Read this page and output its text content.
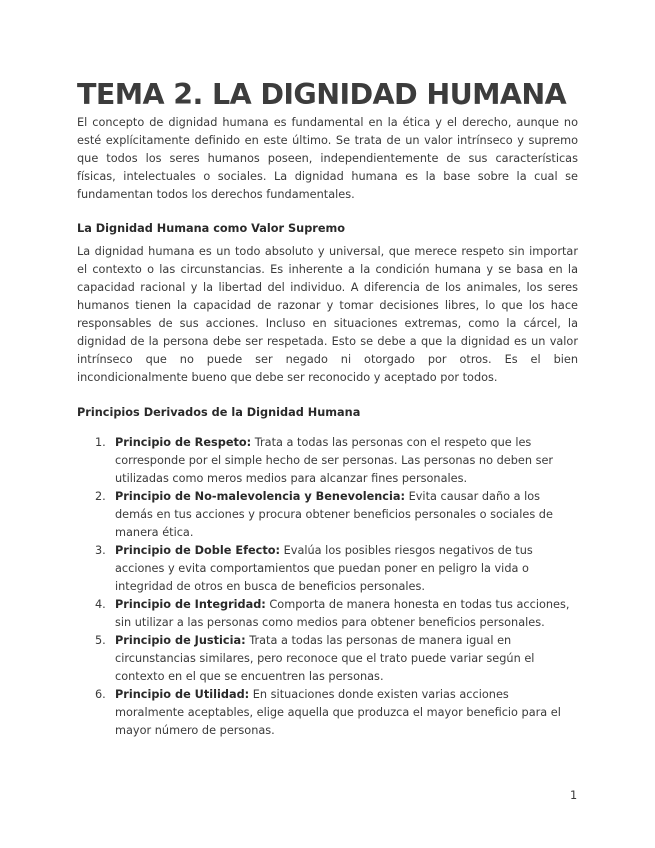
TEMA 2. LA DIGNIDAD HUMANA

El concepto de dignidad humana es fundamental en la ética y el derecho, aunque no esté explícitamente definido en este último. Se trata de un valor intrínseco y supremo que todos los seres humanos poseen, independientemente de sus características físicas, intelectuales o sociales. La dignidad humana es la base sobre la cual se fundamentan todos los derechos fundamentales.

La Dignidad Humana como Valor Supremo

La dignidad humana es un todo absoluto y universal, que merece respeto sin importar el contexto o las circunstancias. Es inherente a la condición humana y se basa en la capacidad racional y la libertad del individuo. A diferencia de los animales, los seres humanos tienen la capacidad de razonar y tomar decisiones libres, lo que los hace responsables de sus acciones. Incluso en situaciones extremas, como la cárcel, la dignidad de la persona debe ser respetada. Esto se debe a que la dignidad es un valor intrínseco que no puede ser negado ni otorgado por otros. Es el bien incondicionalmente bueno que debe ser reconocido y aceptado por todos.

Principios Derivados de la Dignidad Humana
1. Principio de Respeto: Trata a todas las personas con el respeto que les corresponde por el simple hecho de ser personas. Las personas no deben ser utilizadas como meros medios para alcanzar fines personales.
2. Principio de No-malevolencia y Benevolencia: Evita causar daño a los demás en tus acciones y procura obtener beneficios personales o sociales de manera ética.
3. Principio de Doble Efecto: Evalúa los posibles riesgos negativos de tus acciones y evita comportamientos que puedan poner en peligro la vida o integridad de otros en busca de beneficios personales.
4. Principio de Integridad: Comporta de manera honesta en todas tus acciones, sin utilizar a las personas como medios para obtener beneficios personales.
5. Principio de Justicia: Trata a todas las personas de manera igual en circunstancias similares, pero reconoce que el trato puede variar según el contexto en el que se encuentren las personas.
6. Principio de Utilidad: En situaciones donde existen varias acciones moralmente aceptables, elige aquella que produzca el mayor beneficio para el mayor número de personas.
1
